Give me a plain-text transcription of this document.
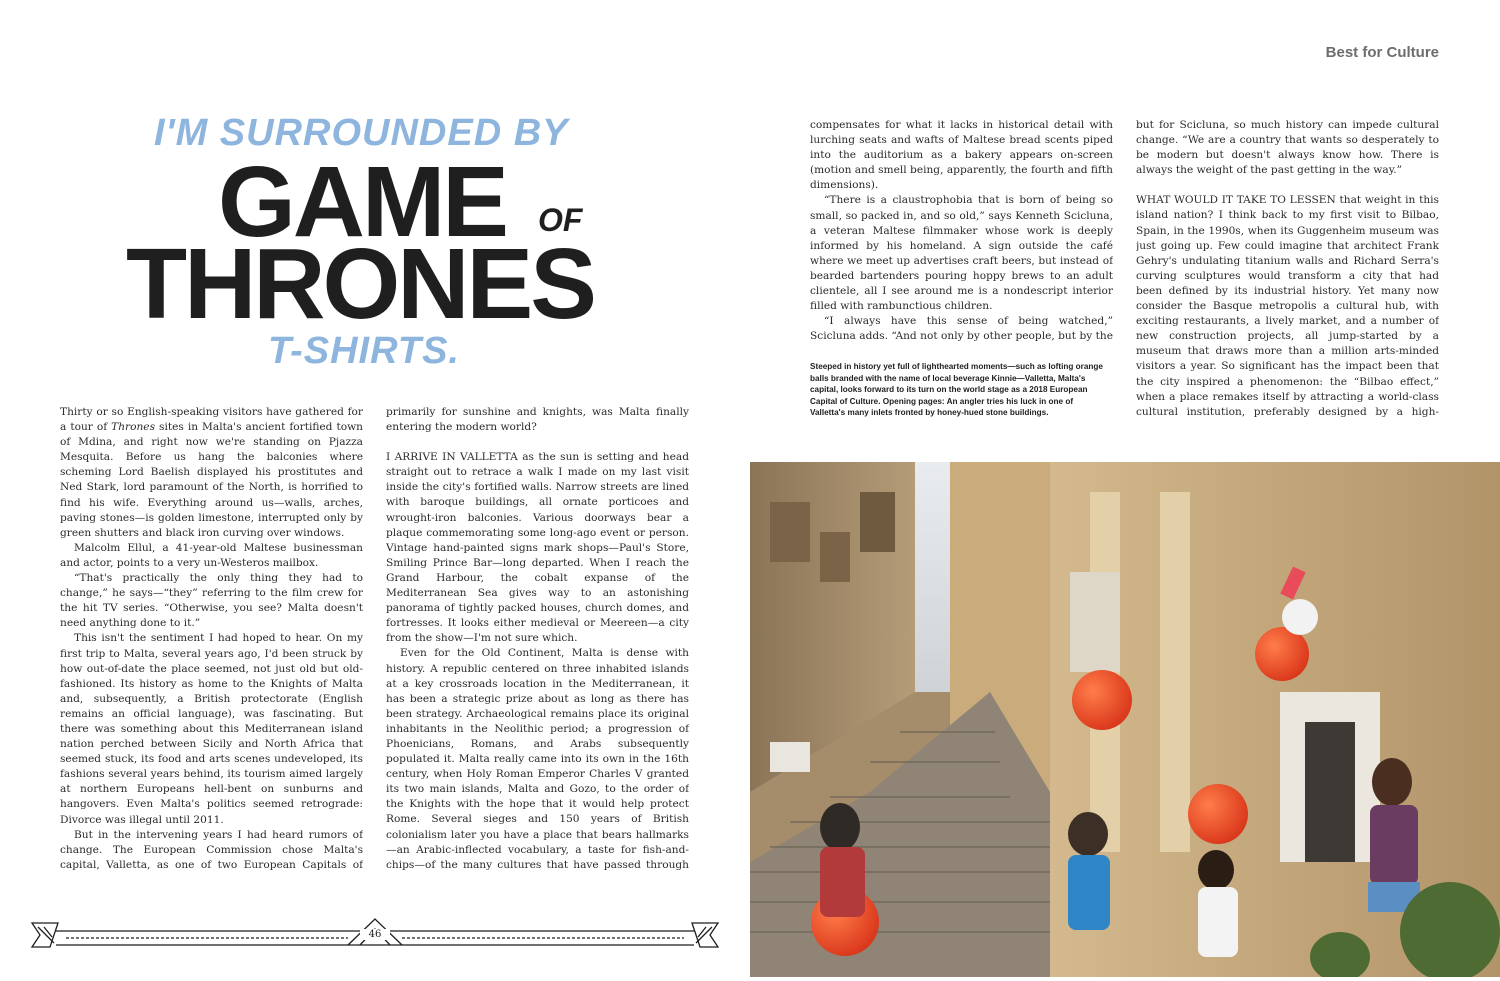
Best for Culture
I'M SURROUNDED BY
GAME OF
THRONES
T-SHIRTS.

Thirty or so English-speaking visitors have gathered for a tour of Thrones sites in Malta's ancient fortified town of Mdina, and right now we're standing on Pjazza Mesquita. Before us hang the balconies where scheming Lord Baelish displayed his prostitutes and Ned Stark, lord paramount of the North, is horrified to find his wife. Everything around us—walls, arches, paving stones—is golden limestone, interrupted only by green shutters and black iron curving over windows.

Malcolm Ellul, a 41-year-old Maltese businessman and actor, points to a very un-Westeros mailbox.

“That's practically the only thing they had to change,” he says—“they” referring to the film crew for the hit TV series. “Otherwise, you see? Malta doesn't need anything done to it.”

This isn't the sentiment I had hoped to hear. On my first trip to Malta, several years ago, I'd been struck by how out-of-date the place seemed, not just old but old-fashioned. Its history as home to the Knights of Malta and, subsequently, a British protectorate (English remains an official language), was fascinating. But there was something about this Mediterranean island nation perched between Sicily and North Africa that seemed stuck, its food and arts scenes undeveloped, its fashions several years behind, its tourism aimed largely at northern Europeans hell-bent on sunburns and hangovers. Even Malta's politics seemed retrograde: Divorce was illegal until 2011.

But in the intervening years I had heard rumors of change. The European Commission chose Malta's capital, Valletta, as one of two European Capitals of

primarily for sunshine and knights, was Malta finally entering the modern world?

I ARRIVE IN VALLETTA as the sun is setting and head straight out to retrace a walk I made on my last visit inside the city's fortified walls. Narrow streets are lined with baroque buildings, all ornate porticoes and wrought-iron balconies. Various doorways bear a plaque commemorating some long-ago event or person. Vintage hand-painted signs mark shops—Paul's Store, Smiling Prince Bar—long departed. When I reach the Grand Harbour, the cobalt expanse of the Mediterranean Sea gives way to an astonishing panorama of tightly packed houses, church domes, and fortresses. It looks either medieval or Meereen—a city from the show—I'm not sure which.

Even for the Old Continent, Malta is dense with history. A republic centered on three inhabited islands at a key crossroads location in the Mediterranean, it has been a strategic prize about as long as there has been strategy. Archaeological remains place its original inhabitants in the Neolithic period; a progression of Phoenicians, Romans, and Arabs subsequently populated it. Malta really came into its own in the 16th century, when Holy Roman Emperor Charles V granted its two main islands, Malta and Gozo, to the order of the Knights with the hope that it would help protect Rome. Several sieges and 150 years of British colonialism later you have a place that bears hallmarks—an Arabic-inflected vocabulary, a taste for fish-and-chips—of the many cultures that have passed through

compensates for what it lacks in historical detail with lurching seats and wafts of Maltese bread scents piped into the auditorium as a bakery appears on-screen (motion and smell being, apparently, the fourth and fifth dimensions).

“There is a claustrophobia that is born of being so small, so packed in, and so old,” says Kenneth Scicluna, a veteran Maltese filmmaker whose work is deeply informed by his homeland. A sign outside the café where we meet up advertises craft beers, but instead of bearded bartenders pouring hoppy brews to an adult clientele, all I see around me is a nondescript interior filled with rambunctious children.

“I always have this sense of being watched,” Scicluna adds. “And not only by other people, but by the

Steeped in history yet full of lighthearted moments—such as lofting orange balls branded with the name of local beverage Kinnie—Valletta, Malta's capital, looks forward to its turn on the world stage as a 2018 European Capital of Culture. Opening pages: An angler tries his luck in one of Valletta's many inlets fronted by honey-hued stone buildings.

but for Scicluna, so much history can impede cultural change. “We are a country that wants so desperately to be modern but doesn't always know how. There is always the weight of the past getting in the way.”

WHAT WOULD IT TAKE TO LESSEN that weight in this island nation? I think back to my first visit to Bilbao, Spain, in the 1990s, when its Guggenheim museum was just going up. Few could imagine that architect Frank Gehry's undulating titanium walls and Richard Serra's curving sculptures would transform a city that had been defined by its industrial history. Yet many now consider the Basque metropolis a cultural hub, with exciting restaurants, a lively market, and a number of new construction projects, all jump-started by a museum that draws more than a million arts-minded visitors a year. So significant has the impact been that the city inspired a phenomenon: the “Bilbao effect,” when a place remakes itself by attracting a world-class cultural institution, preferably designed by a high-

46
